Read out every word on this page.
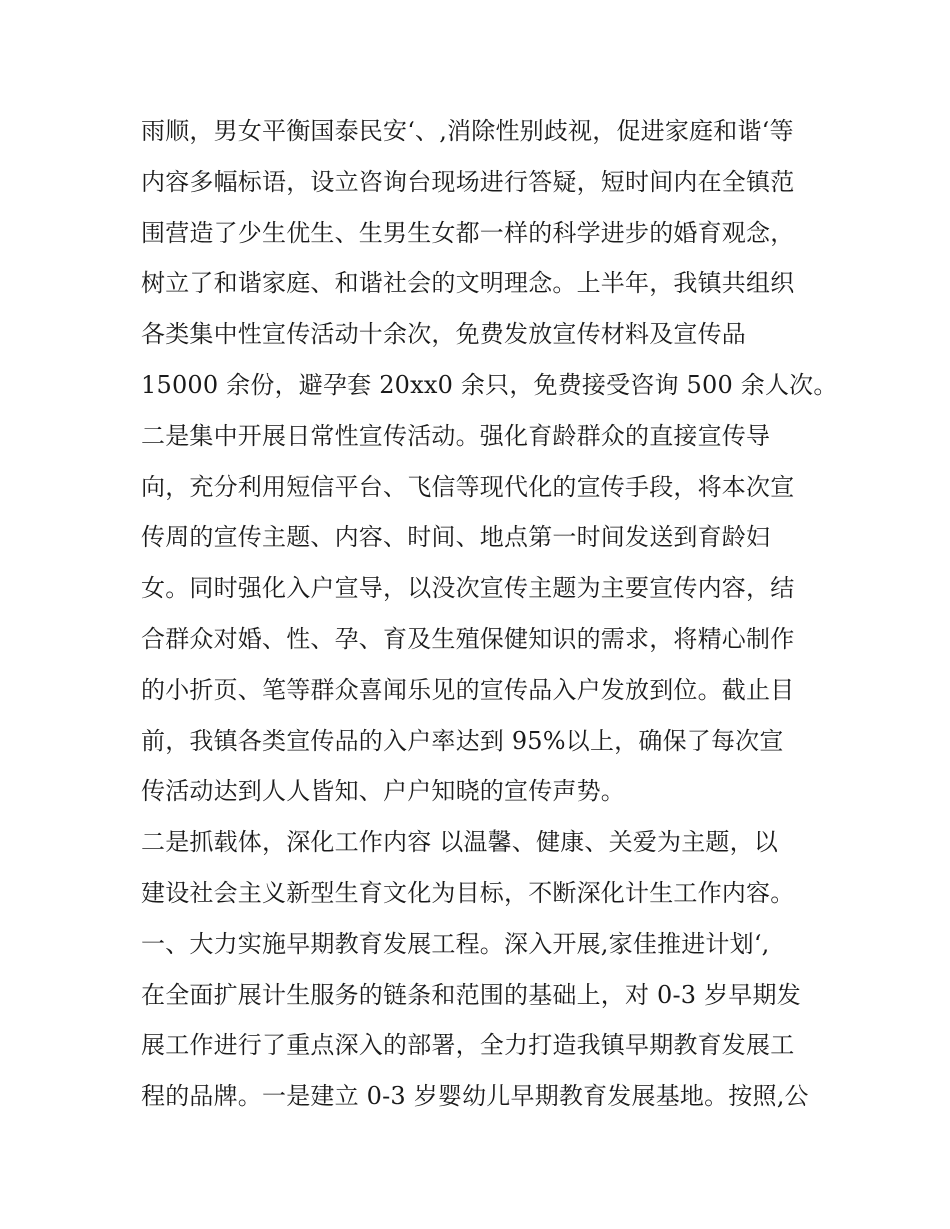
雨顺，男女平衡国泰民安‘、,消除性别歧视，促进家庭和谐‘等
内容多幅标语，设立咨询台现场进行答疑，短时间内在全镇范
围营造了少生优生、生男生女都一样的科学进步的婚育观念，
树立了和谐家庭、和谐社会的文明理念。上半年，我镇共组织
各类集中性宣传活动十余次，免费发放宣传材料及宣传品
15000 余份，避孕套 20xx0 余只，免费接受咨询 500 余人次。
二是集中开展日常性宣传活动。强化育龄群众的直接宣传导
向，充分利用短信平台、飞信等现代化的宣传手段，将本次宣
传周的宣传主题、内容、时间、地点第一时间发送到育龄妇
女。同时强化入户宣导，以没次宣传主题为主要宣传内容，结
合群众对婚、性、孕、育及生殖保健知识的需求，将精心制作
的小折页、笔等群众喜闻乐见的宣传品入户发放到位。截止目
前，我镇各类宣传品的入户率达到 95%以上，确保了每次宣
传活动达到人人皆知、户户知晓的宣传声势。
二是抓载体，深化工作内容 以温馨、健康、关爱为主题，以
建设社会主义新型生育文化为目标，不断深化计生工作内容。
一、大力实施早期教育发展工程。深入开展,家佳推进计划‘,
在全面扩展计生服务的链条和范围的基础上，对 0-3 岁早期发
展工作进行了重点深入的部署，全力打造我镇早期教育发展工
程的品牌。一是建立 0-3 岁婴幼儿早期教育发展基地。按照,公
